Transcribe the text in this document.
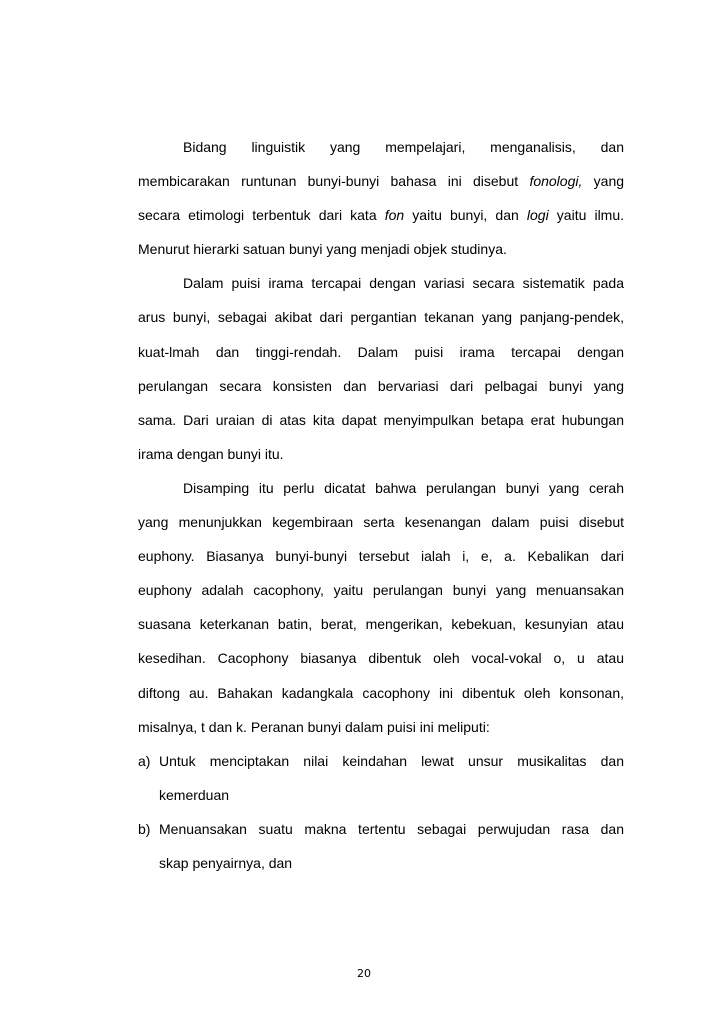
Bidang linguistik yang mempelajari, menganalisis, dan
membicarakan runtunan bunyi-bunyi bahasa ini disebut fonologi, yang
secara etimologi terbentuk dari kata fon yaitu bunyi, dan logi yaitu ilmu.
Menurut hierarki satuan bunyi yang menjadi objek studinya.
Dalam puisi irama tercapai dengan variasi secara sistematik pada
arus bunyi, sebagai akibat dari pergantian tekanan yang panjang-pendek,
kuat-lmah dan tinggi-rendah. Dalam puisi irama tercapai dengan
perulangan secara konsisten dan bervariasi dari pelbagai bunyi yang
sama. Dari uraian di atas kita dapat menyimpulkan betapa erat hubungan
irama dengan bunyi itu.
Disamping itu perlu dicatat bahwa perulangan bunyi yang cerah
yang menunjukkan kegembiraan serta kesenangan dalam puisi disebut
euphony. Biasanya bunyi-bunyi tersebut ialah i, e, a. Kebalikan dari
euphony adalah cacophony, yaitu perulangan bunyi yang menuansakan
suasana keterkanan batin, berat, mengerikan, kebekuan, kesunyian atau
kesedihan. Cacophony biasanya dibentuk oleh vocal-vokal o, u atau
diftong au. Bahakan kadangkala cacophony ini dibentuk oleh konsonan,
misalnya, t dan k. Peranan bunyi dalam puisi ini meliputi:
a) Untuk menciptakan nilai keindahan lewat unsur musikalitas dan
kemerduan
b) Menuansakan suatu makna tertentu sebagai perwujudan rasa dan
skap penyairnya, dan
20
